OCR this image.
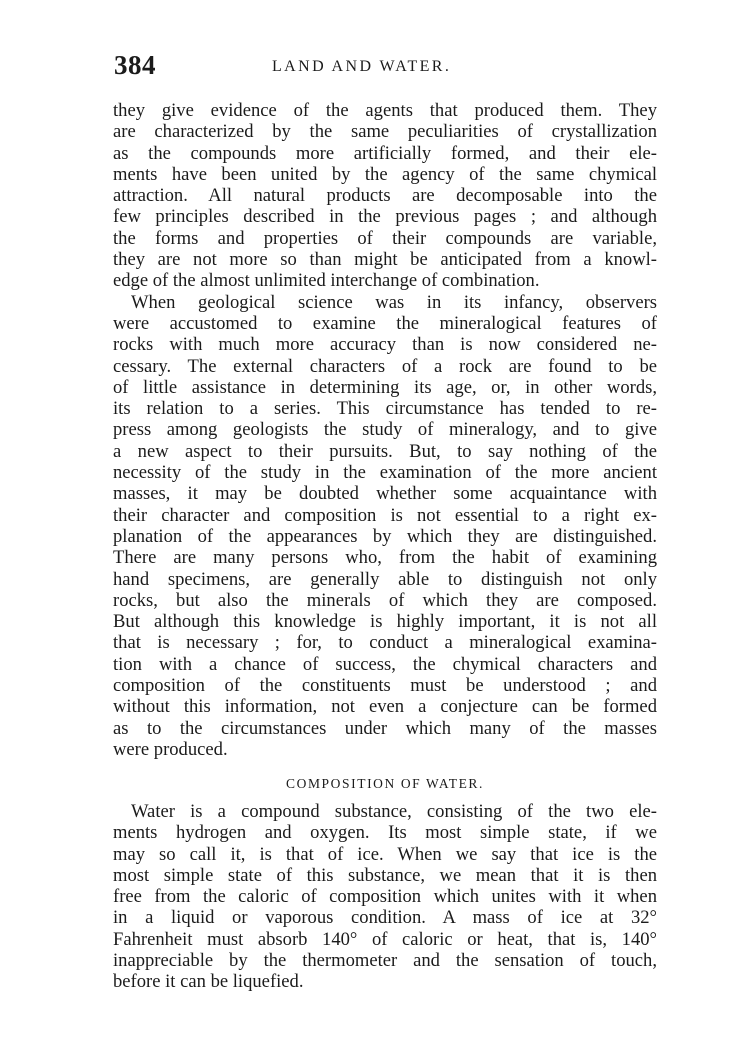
384	LAND AND WATER.
they give evidence of the agents that produced them. They
are characterized by the same peculiarities of crystallization
as the compounds more artificially formed, and their ele-
ments have been united by the agency of the same chymical
attraction. All natural products are decomposable into the
few principles described in the previous pages ; and although
the forms and properties of their compounds are variable,
they are not more so than might be anticipated from a knowl-
edge of the almost unlimited interchange of combination.
When geological science was in its infancy, observers
were accustomed to examine the mineralogical features of
rocks with much more accuracy than is now considered ne-
cessary. The external characters of a rock are found to be
of little assistance in determining its age, or, in other words,
its relation to a series. This circumstance has tended to re-
press among geologists the study of mineralogy, and to give
a new aspect to their pursuits. But, to say nothing of the
necessity of the study in the examination of the more ancient
masses, it may be doubted whether some acquaintance with
their character and composition is not essential to a right ex-
planation of the appearances by which they are distinguished.
There are many persons who, from the habit of examining
hand specimens, are generally able to distinguish not only
rocks, but also the minerals of which they are composed.
But although this knowledge is highly important, it is not all
that is necessary ; for, to conduct a mineralogical examina-
tion with a chance of success, the chymical characters and
composition of the constituents must be understood ; and
without this information, not even a conjecture can be formed
as to the circumstances under which many of the masses
were produced.
COMPOSITION OF WATER.
Water is a compound substance, consisting of the two ele-
ments hydrogen and oxygen. Its most simple state, if we
may so call it, is that of ice. When we say that ice is the
most simple state of this substance, we mean that it is then
free from the caloric of composition which unites with it when
in a liquid or vaporous condition. A mass of ice at 32°
Fahrenheit must absorb 140° of caloric or heat, that is, 140°
inappreciable by the thermometer and the sensation of touch,
before it can be liquefied.
